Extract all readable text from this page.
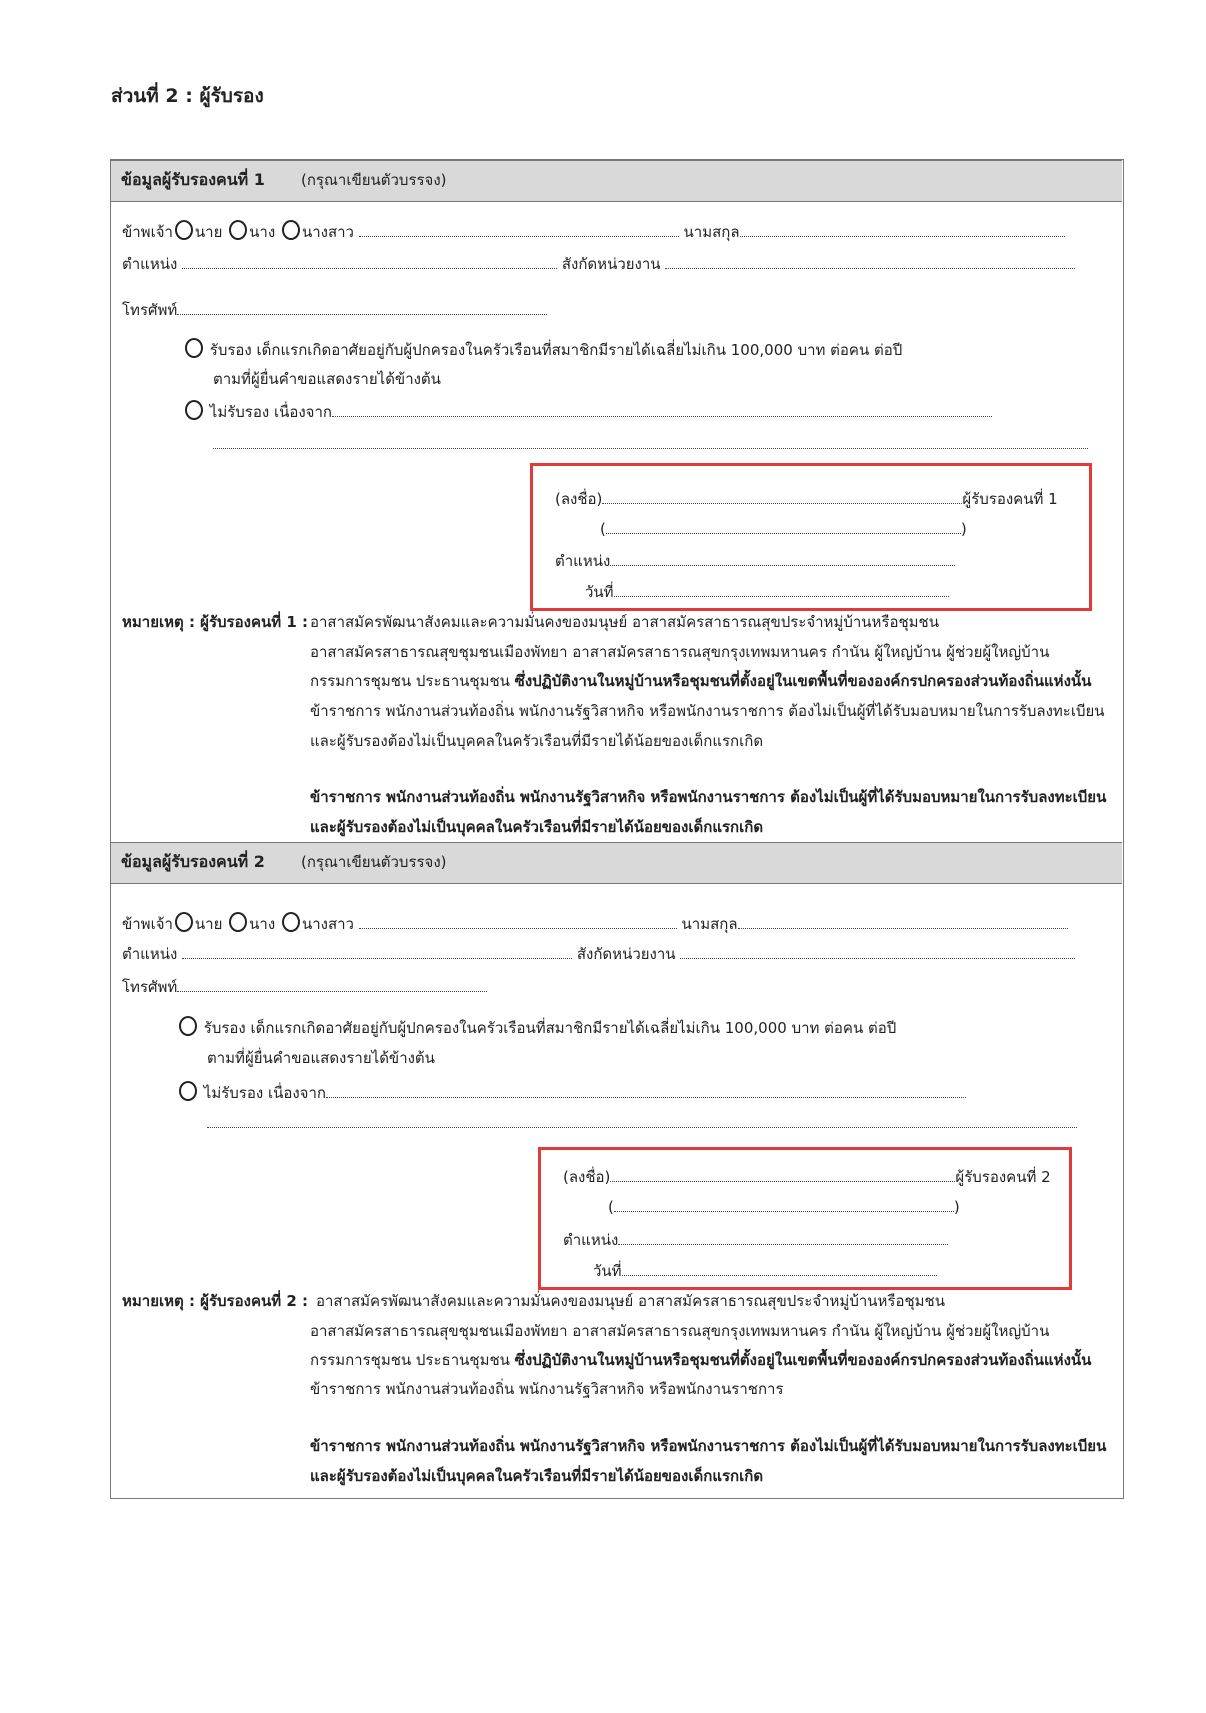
ส่วนที่ 2 : ผู้รับรอง
ข้อมูลผู้รับรองคนที่ 1 (กรุณาเขียนตัวบรรจง)
ข้าพเจ้า นาย นาง นางสาว	นามสกุล
ตำแหน่ง	สังกัดหน่วยงาน
โทรศัพท์
รับรอง เด็กแรกเกิดอาศัยอยู่กับผู้ปกครองในครัวเรือนที่สมาชิกมีรายได้เฉลี่ยไม่เกิน 100,000 บาท ต่อคน ต่อปี
ตามที่ผู้ยื่นคำขอแสดงรายได้ข้างต้น
ไม่รับรอง เนื่องจาก
(ลงชื่อ)	ผู้รับรองคนที่ 1
(	)
ตำแหน่ง
วันที่
หมายเหตุ : ผู้รับรองคนที่ 1 : อาสาสมัครพัฒนาสังคมและความมั่นคงของมนุษย์ อาสาสมัครสาธารณสุขประจำหมู่บ้านหรือชุมชน
อาสาสมัครสาธารณสุขชุมชนเมืองพัทยา อาสาสมัครสาธารณสุขกรุงเทพมหานคร กำนัน ผู้ใหญ่บ้าน ผู้ช่วยผู้ใหญ่บ้าน
กรรมการชุมชน ประธานชุมชน ซึ่งปฏิบัติงานในหมู่บ้านหรือชุมชนที่ตั้งอยู่ในเขตพื้นที่ขององค์กรปกครองส่วนท้องถิ่นแห่งนั้น
ข้าราชการ พนักงานส่วนท้องถิ่น พนักงานรัฐวิสาหกิจ หรือพนักงานราชการ ต้องไม่เป็นผู้ที่ได้รับมอบหมายในการรับลงทะเบียน
และผู้รับรองต้องไม่เป็นบุคคลในครัวเรือนที่มีรายได้น้อยของเด็กแรกเกิด
ข้าราชการ พนักงานส่วนท้องถิ่น พนักงานรัฐวิสาหกิจ หรือพนักงานราชการ ต้องไม่เป็นผู้ที่ได้รับมอบหมายในการรับลงทะเบียน
และผู้รับรองต้องไม่เป็นบุคคลในครัวเรือนที่มีรายได้น้อยของเด็กแรกเกิด
ข้อมูลผู้รับรองคนที่ 2 (กรุณาเขียนตัวบรรจง)
ข้าพเจ้า นาย นาง นางสาว	นามสกุล
ตำแหน่ง	สังกัดหน่วยงาน
โทรศัพท์
รับรอง เด็กแรกเกิดอาศัยอยู่กับผู้ปกครองในครัวเรือนที่สมาชิกมีรายได้เฉลี่ยไม่เกิน 100,000 บาท ต่อคน ต่อปี
ตามที่ผู้ยื่นคำขอแสดงรายได้ข้างต้น
ไม่รับรอง เนื่องจาก
(ลงชื่อ)	ผู้รับรองคนที่ 2
(	)
ตำแหน่ง
วันที่
หมายเหตุ : ผู้รับรองคนที่ 2 : อาสาสมัครพัฒนาสังคมและความมั่นคงของมนุษย์ อาสาสมัครสาธารณสุขประจำหมู่บ้านหรือชุมชน
อาสาสมัครสาธารณสุขชุมชนเมืองพัทยา อาสาสมัครสาธารณสุขกรุงเทพมหานคร กำนัน ผู้ใหญ่บ้าน ผู้ช่วยผู้ใหญ่บ้าน
กรรมการชุมชน ประธานชุมชน ซึ่งปฏิบัติงานในหมู่บ้านหรือชุมชนที่ตั้งอยู่ในเขตพื้นที่ขององค์กรปกครองส่วนท้องถิ่นแห่งนั้น
ข้าราชการ พนักงานส่วนท้องถิ่น พนักงานรัฐวิสาหกิจ หรือพนักงานราชการ
ข้าราชการ พนักงานส่วนท้องถิ่น พนักงานรัฐวิสาหกิจ หรือพนักงานราชการ ต้องไม่เป็นผู้ที่ได้รับมอบหมายในการรับลงทะเบียน
และผู้รับรองต้องไม่เป็นบุคคลในครัวเรือนที่มีรายได้น้อยของเด็กแรกเกิด
